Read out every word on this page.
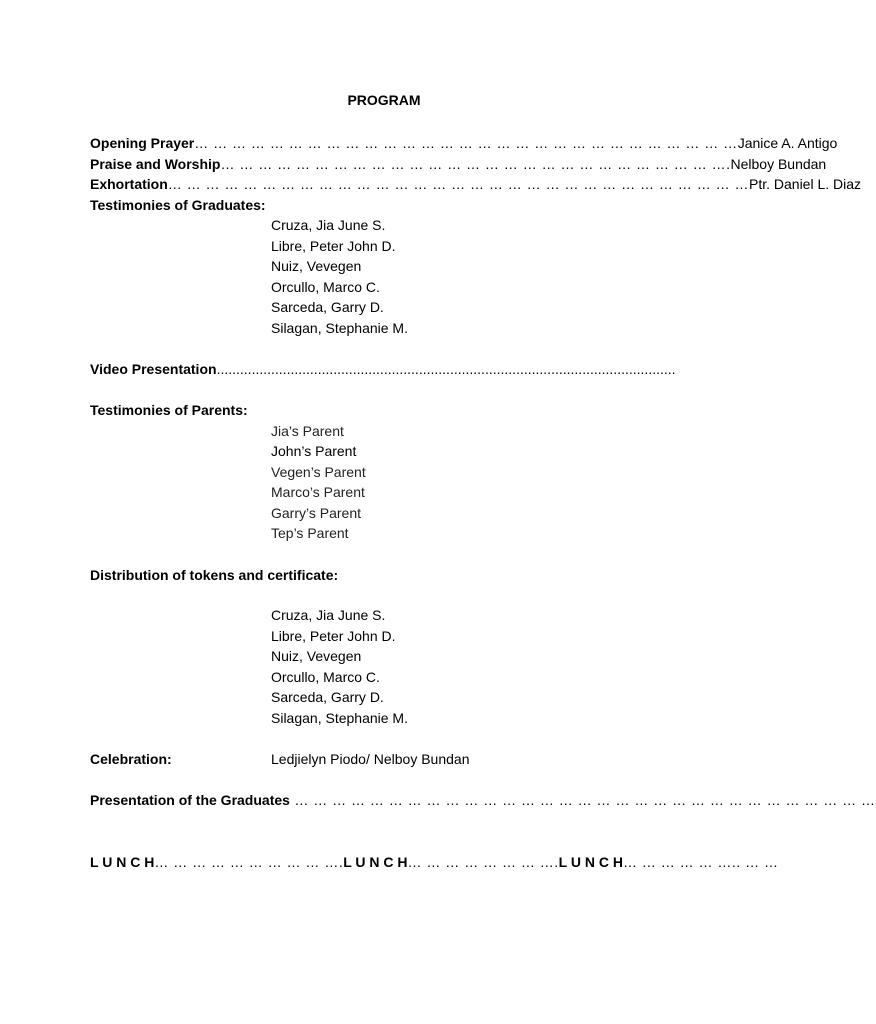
PROGRAM
Opening Prayer… … … … … … … … … … … … … … … … … … … … … … … … … … … … …Janice A. Antigo
Praise and Worship… … … … … … … … … … … … … … … … … … … … … … … … … … ….Nelboy Bundan
Exhortation… … … … … … … … … … … … … … … … … … … … … … … … … … … … … … …Ptr. Daniel L. Diaz
Testimonies of Graduates:
Cruza, Jia June S.
Libre, Peter John D.
Nuiz, Vevegen
Orcullo, Marco C.
Sarceda, Garry D.
Silagan, Stephanie M.
Video Presentation......................................................................................................................
Testimonies of Parents:
Jia’s Parent
John’s Parent
Vegen’s Parent
Marco’s Parent
Garry’s Parent
Tep’s Parent
Distribution of tokens and certificate:
Cruza, Jia June S.
Libre, Peter John D.
Nuiz, Vevegen
Orcullo, Marco C.
Sarceda, Garry D.
Silagan, Stephanie M.
Celebration:	Ledjielyn Piodo/ Nelboy Bundan
Presentation of the Graduates … … … … … … … … … … … … … … … … … … … … … … … … … … … … … … …
L U N C H… … … … … … … … … ….L U N C H… … … … … … … ….L U N C H… … … … … ….. … …
